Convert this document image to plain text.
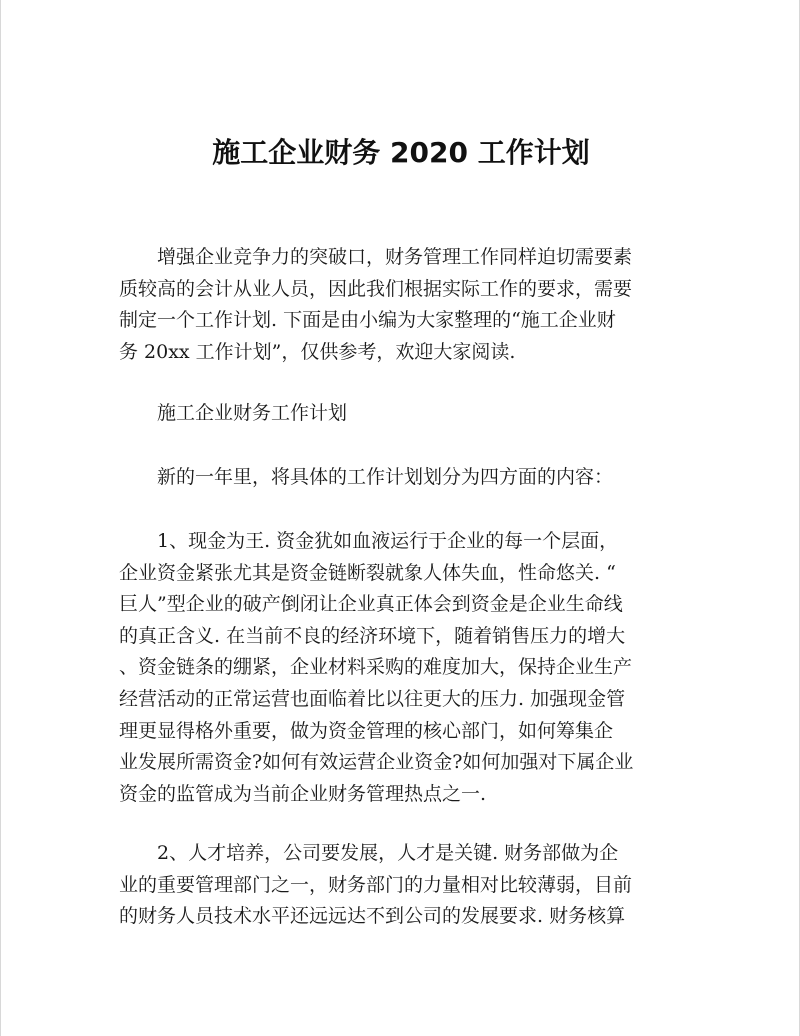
施工企业财务 2020 工作计划

增强企业竞争力的突破口，财务管理工作同样迫切需要素
质较高的会计从业人员，因此我们根据实际工作的要求，需要
制定一个工作计划. 下面是由小编为大家整理的“施工企业财
务 20xx 工作计划”，仅供参考，欢迎大家阅读.

施工企业财务工作计划

新的一年里，将具体的工作计划划分为四方面的内容：

1、现金为王. 资金犹如血液运行于企业的每一个层面，
企业资金紧张尤其是资金链断裂就象人体失血，性命悠关. “
巨人”型企业的破产倒闭让企业真正体会到资金是企业生命线
的真正含义. 在当前不良的经济环境下，随着销售压力的增大
、资金链条的绷紧，企业材料采购的难度加大，保持企业生产
经营活动的正常运营也面临着比以往更大的压力. 加强现金管
理更显得格外重要，做为资金管理的核心部门，如何筹集企
业发展所需资金?如何有效运营企业资金?如何加强对下属企业
资金的监管成为当前企业财务管理热点之一.

2、人才培养，公司要发展，人才是关键. 财务部做为企
业的重要管理部门之一，财务部门的力量相对比较薄弱，目前
的财务人员技术水平还远远达不到公司的发展要求. 财务核算
